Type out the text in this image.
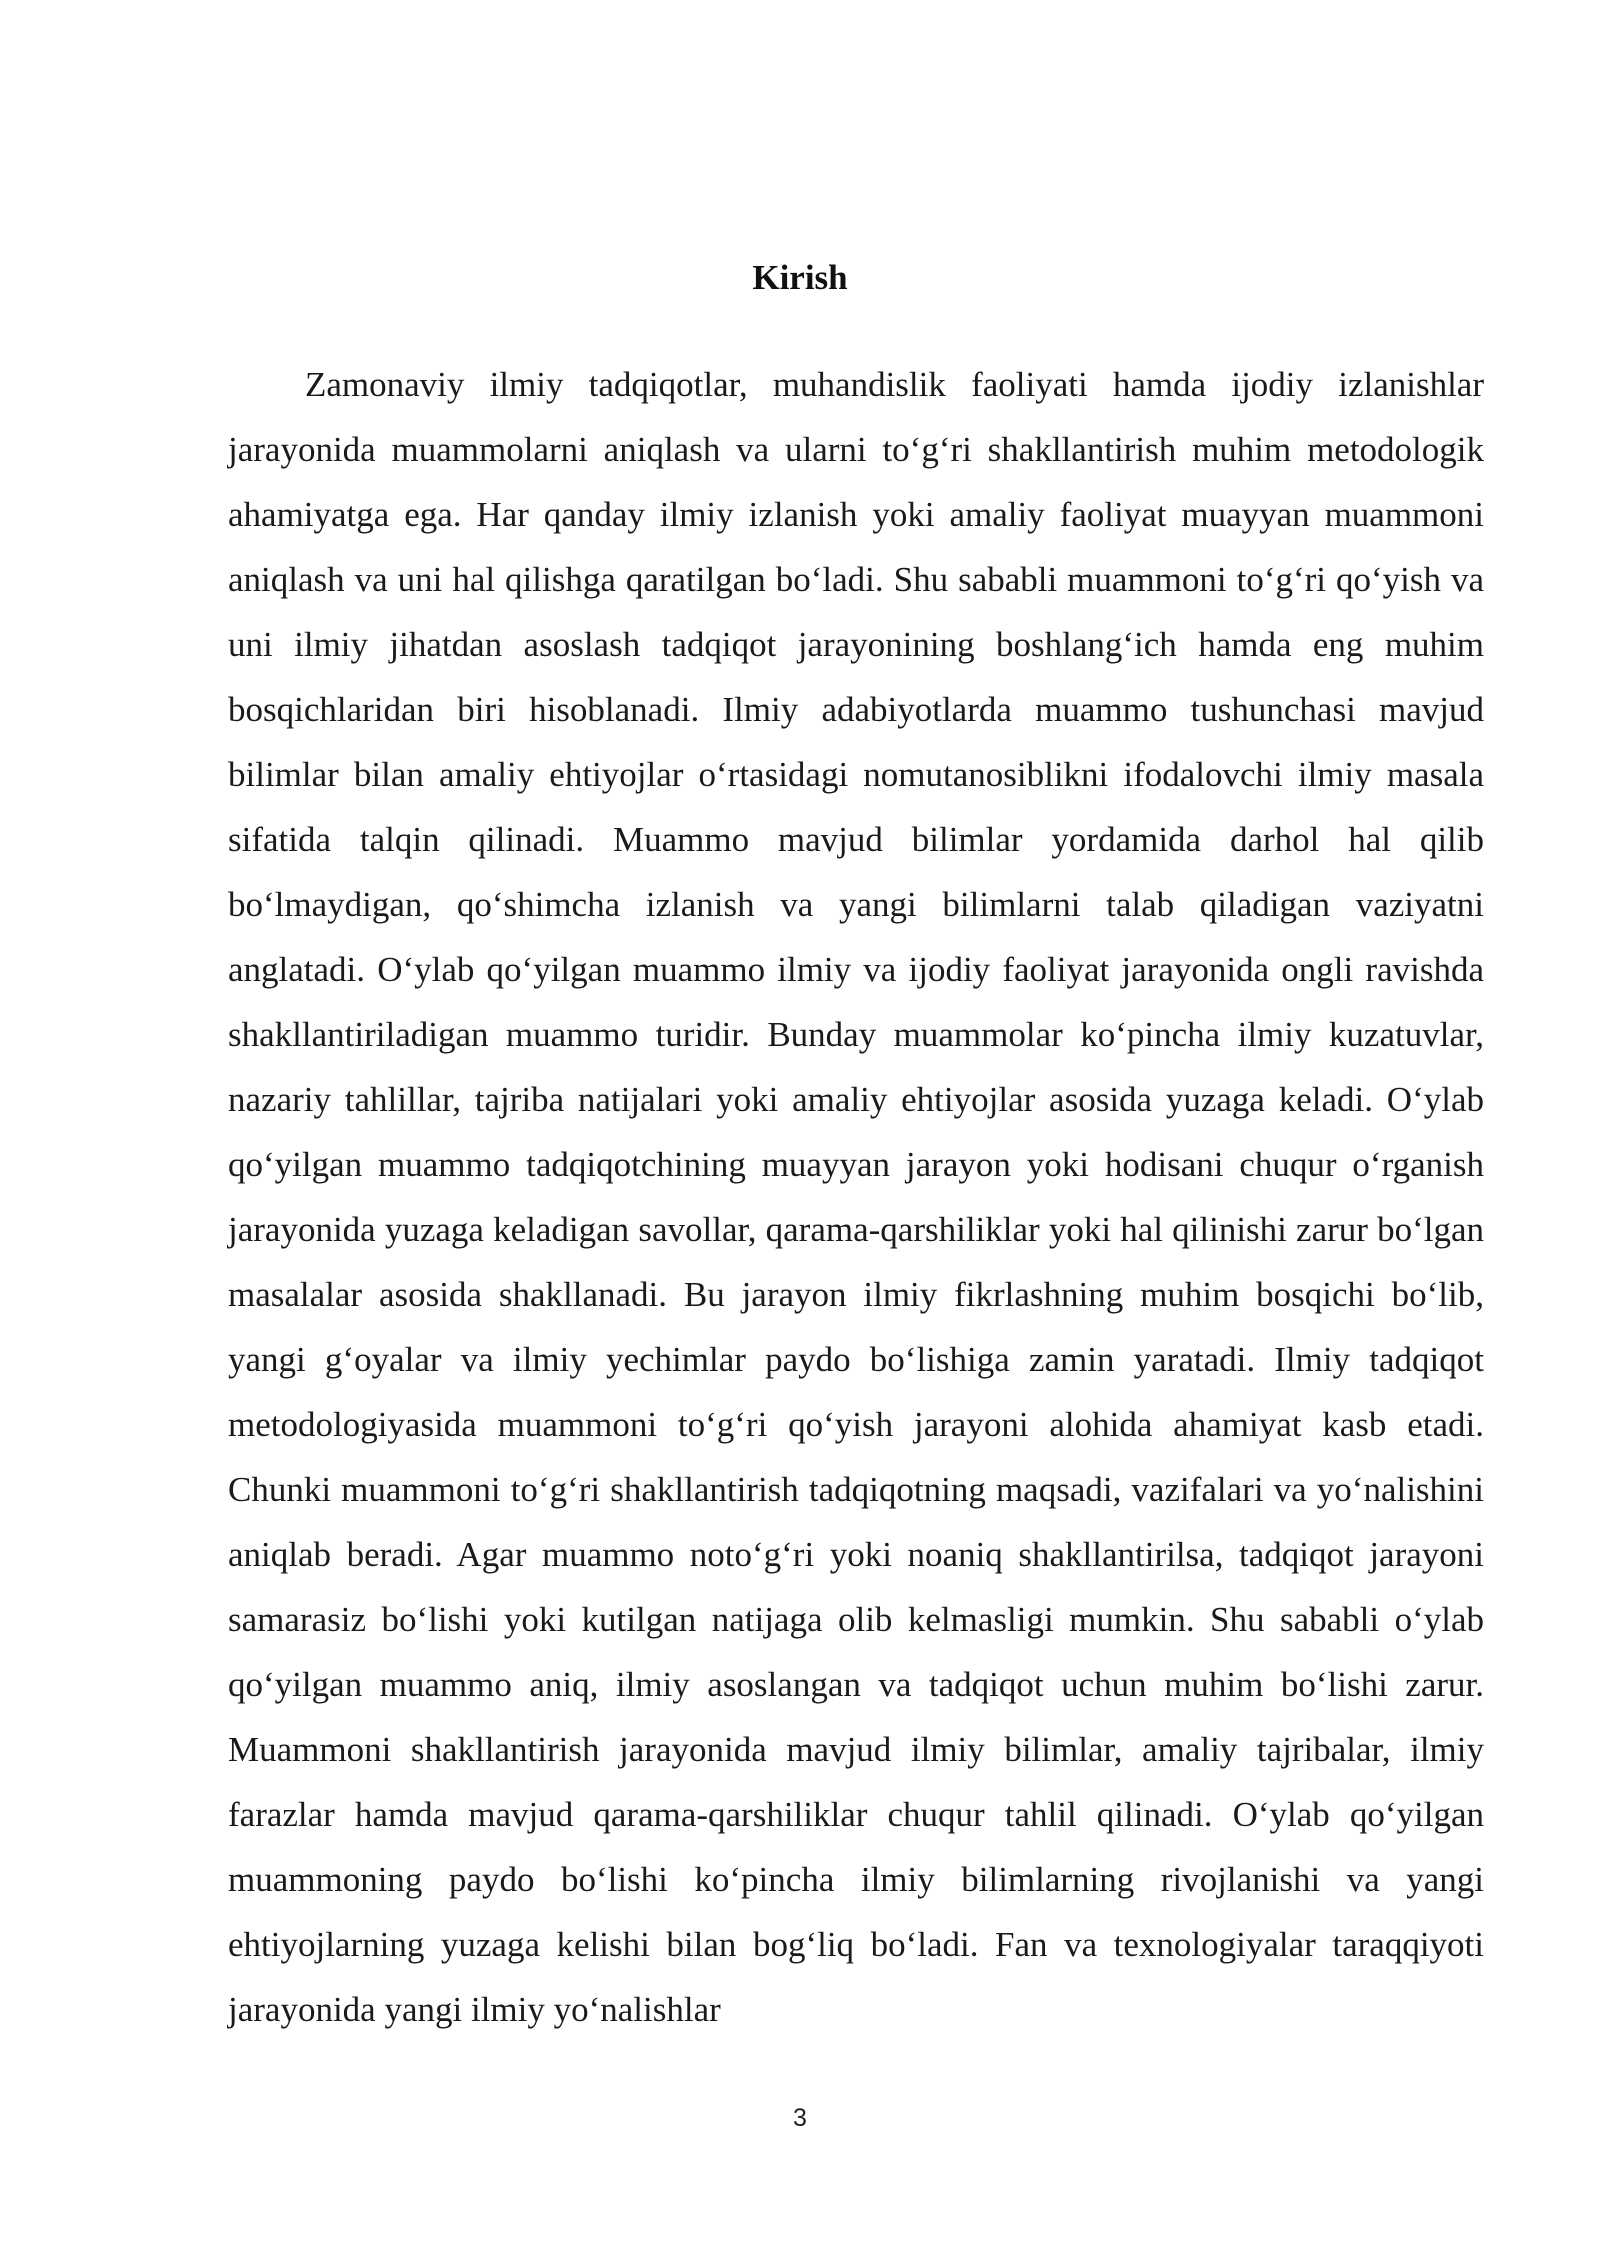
Kirish

Zamonaviy ilmiy tadqiqotlar, muhandislik faoliyati hamda ijodiy izlanishlar jarayonida muammolarni aniqlash va ularni to‘g‘ri shakllantirish muhim metodologik ahamiyatga ega. Har qanday ilmiy izlanish yoki amaliy faoliyat muayyan muammoni aniqlash va uni hal qilishga qaratilgan bo‘ladi. Shu sababli muammoni to‘g‘ri qo‘yish va uni ilmiy jihatdan asoslash tadqiqot jarayonining boshlang‘ich hamda eng muhim bosqichlaridan biri hisoblanadi. Ilmiy adabiyotlarda muammo tushunchasi mavjud bilimlar bilan amaliy ehtiyojlar o‘rtasidagi nomutanosiblikni ifodalovchi ilmiy masala sifatida talqin qilinadi. Muammo mavjud bilimlar yordamida darhol hal qilib bo‘lmaydigan, qo‘shimcha izlanish va yangi bilimlarni talab qiladigan vaziyatni anglatadi. O‘ylab qo‘yilgan muammo ilmiy va ijodiy faoliyat jarayonida ongli ravishda shakllantiriladigan muammo turidir. Bunday muammolar ko‘pincha ilmiy kuzatuvlar, nazariy tahlillar, tajriba natijalari yoki amaliy ehtiyojlar asosida yuzaga keladi. O‘ylab qo‘yilgan muammo tadqiqotchining muayyan jarayon yoki hodisani chuqur o‘rganish jarayonida yuzaga keladigan savollar, qarama-qarshiliklar yoki hal qilinishi zarur bo‘lgan masalalar asosida shakllanadi. Bu jarayon ilmiy fikrlashning muhim bosqichi bo‘lib, yangi g‘oyalar va ilmiy yechimlar paydo bo‘lishiga zamin yaratadi. Ilmiy tadqiqot metodologiyasida muammoni to‘g‘ri qo‘yish jarayoni alohida ahamiyat kasb etadi. Chunki muammoni to‘g‘ri shakllantirish tadqiqotning maqsadi, vazifalari va yo‘nalishini aniqlab beradi. Agar muammo noto‘g‘ri yoki noaniq shakllantirilsa, tadqiqot jarayoni samarasiz bo‘lishi yoki kutilgan natijaga olib kelmasligi mumkin. Shu sababli o‘ylab qo‘yilgan muammo aniq, ilmiy asoslangan va tadqiqot uchun muhim bo‘lishi zarur. Muammoni shakllantirish jarayonida mavjud ilmiy bilimlar, amaliy tajribalar, ilmiy farazlar hamda mavjud qarama-qarshiliklar chuqur tahlil qilinadi. O‘ylab qo‘yilgan muammoning paydo bo‘lishi ko‘pincha ilmiy bilimlarning rivojlanishi va yangi ehtiyojlarning yuzaga kelishi bilan bog‘liq bo‘ladi. Fan va texnologiyalar taraqqiyoti jarayonida yangi ilmiy yo‘nalishlar

3
